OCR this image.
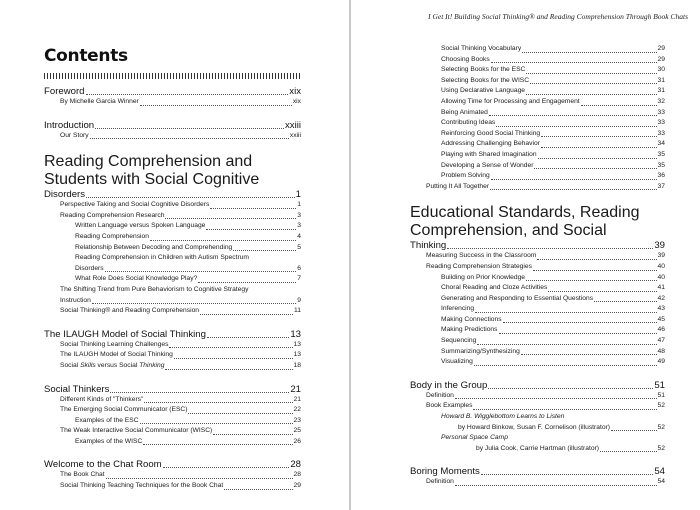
Contents
Foreword	xix
By Michelle Garcia Winner	xix
Introduction	xxiii
Our Story	xxiii
Reading Comprehension and Students with Social Cognitive
Disorders	1
Perspective Taking and Social Cognitive Disorders	1
Reading Comprehension Research	3
Written Language versus Spoken Language	3
Reading Comprehension	4
Relationship Between Decoding and Comprehending	5
Reading Comprehension in Children with Autism Spectrum
Disorders	6
What Role Does Social Knowledge Play?	7
The Shifting Trend from Pure Behaviorism to Cognitive Strategy
Instruction	9
Social Thinking® and Reading Comprehension	11
The ILAUGH Model of Social Thinking	13
Social Thinking Learning Challenges	13
The ILAUGH Model of Social Thinking	13
Social Skills versus Social Thinking	18
Social Thinkers	21
Different Kinds of "Thinkers"	21
The Emerging Social Communicator (ESC)	22
Examples of the ESC	23
The Weak Interactive Social Communicator (WISC)	25
Examples of the WISC	26
Welcome to the Chat Room	28
The Book Chat	28
Social Thinking Teaching Techniques for the Book Chat	29
I Get It! Building Social Thinking® and Reading Comprehension Through Book Chats
Social Thinking Vocabulary	29
Choosing Books	29
Selecting Books for the ESC	30
Selecting Books for the WISC	31
Using Declarative Language	31
Allowing Time for Processing and Engagement	32
Being Animated	33
Contributing Ideas	33
Reinforcing Good Social Thinking	33
Addressing Challenging Behavior	34
Playing with Shared Imagination	35
Developing a Sense of Wonder	35
Problem Solving	36
Putting It All Together	37
Educational Standards, Reading Comprehension, and Social
Thinking	39
Measuring Success in the Classroom	39
Reading Comprehension Strategies	40
Building on Prior Knowledge	40
Choral Reading and Cloze Activities	41
Generating and Responding to Essential Questions	42
Inferencing	43
Making Connections	45
Making Predictions	46
Sequencing	47
Summarizing/Synthesizing	48
Visualizing	49
Body in the Group	51
Definition	51
Book Examples	52
Howard B. Wigglebottom Learns to Listen
by Howard Binkow, Susan F. Cornelison (illustrator)	52
Personal Space Camp
by Julia Cook, Carrie Hartman (illustrator)	52
Boring Moments	54
Definition	54
